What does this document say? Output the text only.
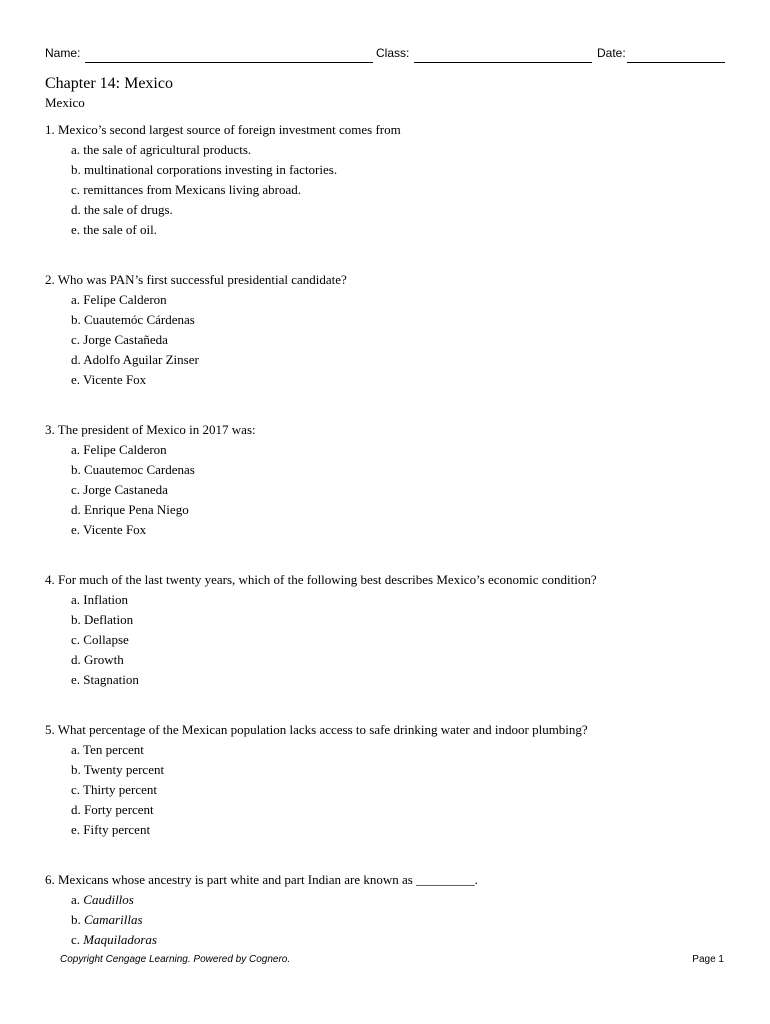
Name:	Class:	Date:
Chapter 14: Mexico
Mexico
1. Mexico’s second largest source of foreign investment comes from
a. the sale of agricultural products.
b. multinational corporations investing in factories.
c. remittances from Mexicans living abroad.
d. the sale of drugs.
e. the sale of oil.
2. Who was PAN’s first successful presidential candidate?
a. Felipe Calderon
b. Cuautemóc Cárdenas
c. Jorge Castañeda
d. Adolfo Aguilar Zinser
e. Vicente Fox
3. The president of Mexico in 2017 was:
a. Felipe Calderon
b. Cuautemoc Cardenas
c. Jorge Castaneda
d. Enrique Pena Niego
e. Vicente Fox
4. For much of the last twenty years, which of the following best describes Mexico’s economic condition?
a. Inflation
b. Deflation
c. Collapse
d. Growth
e. Stagnation
5. What percentage of the Mexican population lacks access to safe drinking water and indoor plumbing?
a. Ten percent
b. Twenty percent
c. Thirty percent
d. Forty percent
e. Fifty percent
6. Mexicans whose ancestry is part white and part Indian are known as _________.
a. Caudillos
b. Camarillas
c. Maquiladoras
Copyright Cengage Learning. Powered by Cognero.	Page 1
